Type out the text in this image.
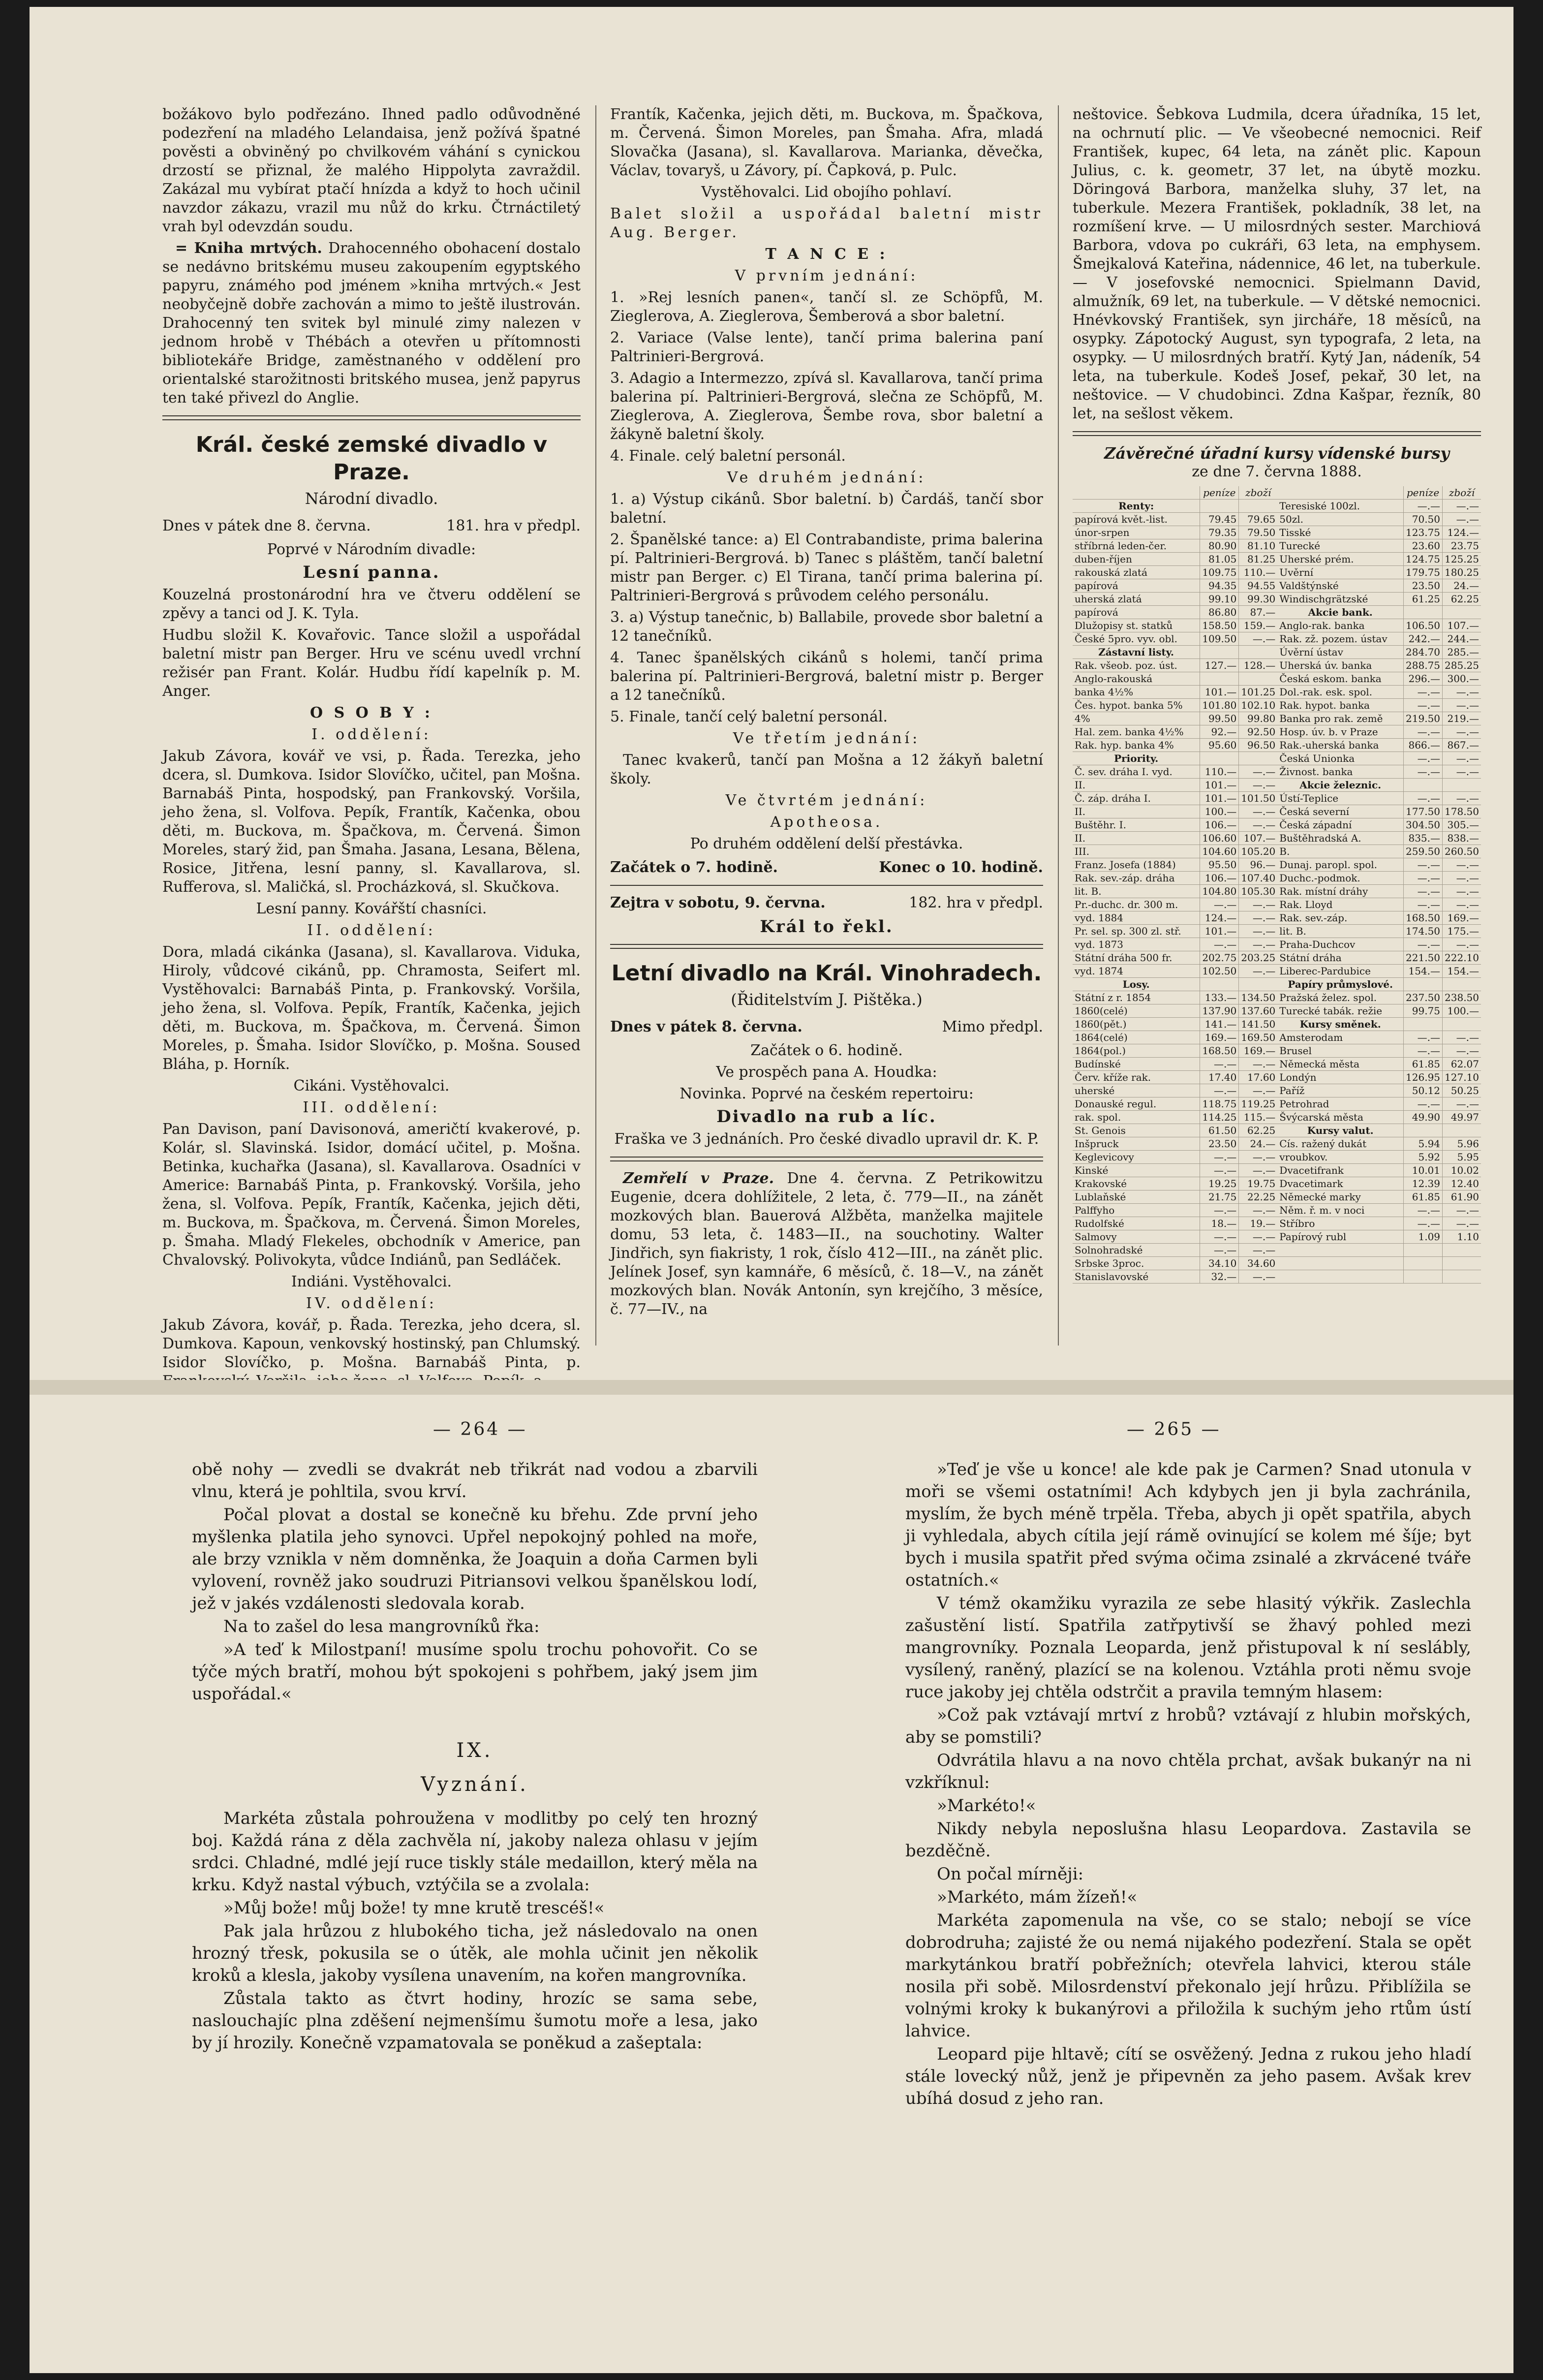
božákovo bylo podřezáno. Ihned padlo odůvodněné podezření na mladého Lelandaisa, jenž požívá špatné pověsti a obviněný po chvilkovém váhání s cynickou drzostí se přiznal, že malého Hippolyta zavraždil. Zakázal mu vybírat ptačí hnízda a když to hoch učinil navzdor zákazu, vrazil mu nůž do krku. Čtrnáctiletý vrah byl odevzdán soudu.

= Kniha mrtvých. Drahocenného obohacení dostalo se nedávno britskému museu zakoupením egyptského papyru, známého pod jménem »kniha mrtvých.« Jest neobyčejně dobře zachován a mimo to ještě ilustrován. Drahocenný ten svitek byl minulé zimy nalezen v jednom hrobě v Thébách a otevřen u přítomnosti bibliotekáře Bridge, zaměstnaného v oddělení pro orientalské starožitnosti britského musea, jenž papyrus ten také přivezl do Anglie.

Král. české zemské divadlo v Praze.
Národní divadlo.
Dnes v pátek dne 8. června.	181. hra v předpl.

Poprvé v Národním divadle:

Lesní panna.

Kouzelná prostonárodní hra ve čtveru oddělení se zpěvy a tanci od J. K. Tyla.

Hudbu složil K. Kovařovic. Tance složil a uspořádal baletní mistr pan Berger. Hru ve scénu uvedl vrchní režisér pan Frant. Kolár. Hudbu řídí kapelník p. M. Anger.

O S O B Y :

I. oddělení:

Jakub Závora, kovář ve vsi, p. Řada. Terezka, jeho dcera, sl. Dumkova. Isidor Slovíčko, učitel, pan Mošna. Barnabáš Pinta, hospodský, pan Frankovský. Voršila, jeho žena, sl. Volfova. Pepík, Frantík, Kačenka, obou děti, m. Buckova, m. Špačkova, m. Červená. Šimon Moreles, starý žid, pan Šmaha. Jasana, Lesana, Bělena, Rosice, Jitřena, lesní panny, sl. Kavallarova, sl. Rufferova, sl. Maličká, sl. Procházková, sl. Skučkova.

Lesní panny. Kovářští chasníci.

II. oddělení:

Dora, mladá cikánka (Jasana), sl. Kavallarova. Viduka, Hiroly, vůdcové cikánů, pp. Chramosta, Seifert ml. Vystěhovalci: Barnabáš Pinta, p. Frankovský. Voršila, jeho žena, sl. Volfova. Pepík, Frantík, Kačenka, jejich děti, m. Buckova, m. Špačkova, m. Červená. Šimon Moreles, p. Šmaha. Isidor Slovíčko, p. Mošna. Soused Bláha, p. Horník.

Cikáni. Vystěhovalci.

III. oddělení:

Pan Davison, paní Davisonová, američtí kvakerové, p. Kolár, sl. Slavinská. Isidor, domácí učitel, p. Mošna. Betinka, kuchařka (Jasana), sl. Kavallarova. Osadníci v Americe: Barnabáš Pinta, p. Frankovský. Voršila, jeho žena, sl. Volfova. Pepík, Frantík, Kačenka, jejich děti, m. Buckova, m. Špačkova, m. Červená. Šimon Moreles, p. Šmaha. Mladý Flekeles, obchodník v Americe, pan Chvalovský. Polivokyta, vůdce Indiánů, pan Sedláček.

Indiáni. Vystěhovalci.

IV. oddělení:

Jakub Závora, kovář, p. Řada. Terezka, jeho dcera, sl. Dumkova. Kapoun, venkovský hostinský, pan Chlumský. Isidor Slovíčko, p. Mošna. Barnabáš Pinta, p.

Frantík, Kačenka, jejich děti, m. Buckova, m. Špačkova, m. Červená. Šimon Moreles, pan Šmaha. Afra, mladá Slovačka (Jasana), sl. Kavallarova. Marianka, děvečka, Václav, tovaryš, u Závory, pí. Čapková, p. Pulc.

Vystěhovalci. Lid obojího pohlaví.

Balet složil a uspořádal baletní mistr Aug. Berger.

T A N C E :

V prvním jednání:

1. »Rej lesních panen«, tančí sl. ze Schöpfů, M. Zieglerova, A. Zieglerova, Šemberová a sbor baletní.

2. Variace (Valse lente), tančí prima balerina paní Paltrinieri-Bergrová.

3. Adagio a Intermezzo, zpívá sl. Kavallarova, tančí prima balerina pí. Paltrinieri-Bergrová, slečna ze Schöpfů, M. Zieglerova, A. Zieglerova, Šembe rova, sbor baletní a žákyně baletní školy.

4. Finale. celý baletní personál.

Ve druhém jednání:

1. a) Výstup cikánů. Sbor baletní. b) Čardáš, tančí sbor baletní.

2. Španělské tance: a) El Contrabandiste, prima balerina pí. Paltrinieri-Bergrová. b) Tanec s pláštěm, tančí baletní mistr pan Berger. c) El Tirana, tančí prima balerina pí. Paltrinieri-Bergrová s průvodem celého personálu.

3. a) Výstup tanečnic, b) Ballabile, provede sbor baletní a 12 tanečníků.

4. Tanec španělských cikánů s holemi, tančí prima balerina pí. Paltrinieri-Bergrová, baletní mistr p. Berger a 12 tanečníků.

5. Finale, tančí celý baletní personál.

Ve třetím jednání:

Tanec kvakerů, tančí pan Mošna a 12 žákyň baletní školy.

Ve čtvrtém jednání:

Apotheosa.

Po druhém oddělení delší přestávka.

Začátek o 7. hodině.	Konec o 10. hodině.
Zejtra v sobotu, 9. června.	182. hra v předpl.
Král to řekl.
Letní divadlo na Král. Vinohradech.
(Řiditelstvím J. Pištěka.)
Dnes v pátek 8. června.	Mimo předpl.

Začátek o 6. hodině.

Ve prospěch pana A. Houdka:

Novinka. Poprvé na českém repertoiru:

Divadlo na rub a líc.

Fraška ve 3 jednáních. Pro české divadlo upravil dr. K. P.

Zemřelí v Praze. Dne 4. června. Z Petrikowitzu Eugenie, dcera dohlížitele, 2 leta, č. 779—II., na zánět mozkových blan. Bauerová Alžběta, manželka majitele domu, 53 leta, č. 1483—II., na souchotiny. Walter Jindřich, syn fiakristy, 1 rok, číslo 412—III., na zánět plic. Jelínek Josef, syn kamnáře, 6 měsíců, č. 18—V., na zánět mozkových blan. Novák Antonín, syn krejčího, 3 měsíce, č. 77—IV., na

neštovice. Šebkova Ludmila, dcera úřadníka, 15 let, na ochrnutí plic. — Ve všeobecné nemocnici. Reif František, kupec, 64 leta, na zánět plic. Kapoun Julius, c. k. geometr, 37 let, na úbytě mozku. Döringová Barbora, manželka sluhy, 37 let, na tuberkule. Mezera František, pokladník, 38 let, na rozmíšení krve. — U milosrdných sester. Marchiová Barbora, vdova po cukráři, 63 leta, na emphysem. Šmejkalová Kateřina, nádennice, 46 let, na tuberkule. — V josefovské nemocnici. Spielmann David, almužník, 69 let, na tuberkule. — V dětské nemocnici. Hnévkovský František, syn jircháře, 18 měsíců, na osypky. Zápotocký August, syn typografa, 2 leta, na osypky. — U milosrdných bratří. Kytý Jan, nádeník, 54 leta, na tuberkule. Kodeš Josef, pekař, 30 let, na neštovice. — V chudobinci. Zdna Kašpar, řezník, 80 let, na sešlost věkem.

Závěrečné úřadní kursy vídenské bursy

ze dne 7. června 1888.

	peníze	zboží		peníze	zboží
Renty:			Teresiské 100zl.	—.—	—.—
papírová květ.-list.	79.45	79.65	50zl.	70.50	—.—
únor-srpen	79.35	79.50	Tisské	123.75	124.—
stříbrná leden-čer.	80.90	81.10	Turecké	23.60	23.75
duben-říjen	81.05	81.25	Uherské prém.	124.75	125.25
rakouská zlatá	109.75	110.—	Uvěrní	179.75	180.25
papírová	94.35	94.55	Valdštýnské	23.50	24.—
uherská zlatá	99.10	99.30	Windischgrätzské	61.25	62.25
papírová	86.80	87.—	Akcie bank.		
Dlužopisy st. statků	158.50	159.—	Anglo-rak. banka	106.50	107.—
České 5pro. vyv. obl.	109.50	—.—	Rak. zž. pozem. ústav	242.—	244.—
Zástavní listy.			Úvěrní ústav	284.70	285.—
Rak. všeob. poz. úst.	127.—	128.—	Uherská úv. banka	288.75	285.25
Anglo-rakouská			Česká eskom. banka	296.—	300.—
banka 4½%	101.—	101.25	Dol.-rak. esk. spol.	—.—	—.—
Čes. hypot. banka 5%	101.80	102.10	Rak. hypot. banka	—.—	—.—
4%	99.50	99.80	Banka pro rak. země	219.50	219.—
Hal. zem. banka 4½%	92.—	92.50	Hosp. úv. b. v Praze	—.—	—.—
Rak. hyp. banka 4%	95.60	96.50	Rak.-uherská banka	866.—	867.—
Priority.			Česká Unionka	—.—	—.—
Č. sev. dráha I. vyd.	110.—	—.—	Živnost. banka	—.—	—.—
II.	101.—	—.—	Akcie železnic.		
Č. záp. dráha I.	101.—	101.50	Ústí-Teplice	—.—	—.—
II.	100.—	—.—	Česká severní	177.50	178.50
Buštěhr. I.	106.—	—.—	Česká západní	304.50	305.—
II.	106.60	107.—	Buštěhradská A.	835.—	838.—
III.	104.60	105.20	B.	259.50	260.50
Franz. Josefa (1884)	95.50	96.—	Dunaj. paropl. spol.	—.—	—.—
Rak. sev.-záp. dráha	106.—	107.40	Duchc.-podmok.	—.—	—.—
lit. B.	104.80	105.30	Rak. místní dráhy	—.—	—.—
Pr.-duchc. dr. 300 m.	—.—	—.—	Rak. Lloyd	—.—	—.—
vyd. 1884	124.—	—.—	Rak. sev.-záp.	168.50	169.—
Pr. sel. sp. 300 zl. stř.	101.—	—.—	lit. B.	174.50	175.—
vyd. 1873	—.—	—.—	Praha-Duchcov	—.—	—.—
Státní dráha 500 fr.	202.75	203.25	Státní dráha	221.50	222.10
vyd. 1874	102.50	—.—	Liberec-Pardubice	154.—	154.—
Losy.			Papíry průmyslové.		
Státní z r. 1854	133.—	134.50	Pražská želez. spol.	237.50	238.50
1860(celé)	137.90	137.60	Turecké tabák. režie	99.75	100.—
1860(pět.)	141.—	141.50	Kursy směnek.		
1864(celé)	169.—	169.50	Amsterodam	—.—	—.—
1864(pol.)	168.50	169.—	Brusel	—.—	—.—
Budínské	—.—	—.—	Německá města	61.85	62.07
Červ. kříže rak.	17.40	17.60	Londýn	126.95	127.10
uherské	—.—	—.—	Paříž	50.12	50.25
Donauské regul.	118.75	119.25	Petrohrad	—.—	—.—
rak. spol.	114.25	115.—	Švýcarská města	49.90	49.97
St. Genois	61.50	62.25	Kursy valut.		
Inšpruck	23.50	24.—	Cís. ražený dukát	5.94	5.96
Keglevicovy	—.—	—.—	vroubkov.	5.92	5.95
Kinské	—.—	—.—	Dvacetifrank	10.01	10.02
Krakovské	19.25	19.75	Dvacetimark	12.39	12.40
Lublaňské	21.75	22.25	Německé marky	61.85	61.90
Palffyho	—.—	—.—	Něm. ř. m. v noci	—.—	—.—
Rudolfské	18.—	19.—	Stříbro	—.—	—.—
Salmovy	—.—	—.—	Papírový rubl	1.09	1.10
Solnohradské	—.—	—.—			
Srbske 3proc.	34.10	34.60			
Stanislavovské	32.—	—.—			
— 264 —	— 265 —

obě nohy — zvedli se dvakrát neb třikrát nad vodou a zbarvili vlnu, která je pohltila, svou krví.

Počal plovat a dostal se konečně ku břehu. Zde první jeho myšlenka platila jeho synovci. Upřel nepokojný pohled na moře, ale brzy vznikla v něm domněnka, že Joaquin a doňa Carmen byli vylovení, rovněž jako soudruzi Pitriansovi velkou španělskou lodí, jež v jakés vzdálenosti sledovala korab.

Na to zašel do lesa mangrovníků řka:

»A teď k Milostpaní! musíme spolu trochu pohovořit. Co se týče mých bratří, mohou být spokojeni s pohřbem, jaký jsem jim uspořádal.«

IX.

Vyznání.

Markéta zůstala pohroužena v modlitby po celý ten hrozný boj. Každá rána z děla zachvěla ní, jakoby naleza ohlasu v jejím srdci. Chladné, mdlé její ruce tiskly stále medaillon, který měla na krku. Když nastal výbuch, vztýčila se a zvolala:

»Můj bože! můj bože! ty mne krutě trescéš!«

Pak jala hrůzou z hlubokého ticha, jež následovalo na onen hrozný třesk, pokusila se o útěk, ale mohla učinit jen několik kroků a klesla, jakoby vysílena unavením, na kořen mangrovníka.

Zůstala takto as čtvrt hodiny, hrozíc se sama sebe, naslouchajíc plna zděšení nejmenšímu šumotu moře a lesa, jako by jí hrozily. Konečně vzpamatovala se poněkud a zašeptala:

»Teď je vše u konce! ale kde pak je Carmen? Snad utonula v moři se všemi ostatními! Ach kdybych jen ji byla zachránila, myslím, že bych méně trpěla. Třeba, abych ji opět spatřila, abych ji vyhledala, abych cítila její rámě ovinující se kolem mé šíje; byt bych i musila spatřit před svýma očima zsinalé a zkrvácené tváře ostatních.«

V témž okamžiku vyrazila ze sebe hlasitý výkřik. Zaslechla zašustění listí. Spatřila zatřpytivší se žhavý pohled mezi mangrovníky. Poznala Leoparda, jenž přistupoval k ní seslábly, vysílený, raněný, plazící se na kolenou. Vztáhla proti němu svoje ruce jakoby jej chtěla odstrčit a pravila temným hlasem:

»Což pak vztávají mrtví z hrobů? vztávají z hlubin mořských, aby se pomstili?

Odvrátila hlavu a na novo chtěla prchat, avšak bukanýr na ni vzkříknul:

»Markéto!«

Nikdy nebyla neposlušna hlasu Leopardova. Zastavila se bezděčně.

On počal mírněji:

»Markéto, mám žízeň!«

Markéta zapomenula na vše, co se stalo; nebojí se více dobrodruha; zajisté že ou nemá nijakého podezření. Stala se opět markytánkou bratří pobřežních; otevřela lahvici, kterou stále nosila při sobě. Milosrdenství překonalo její hrůzu. Přiblížila se volnými kroky k bukanýrovi a přiložila k suchým jeho rtům ústí lahvice.

Leopard pije hltavě; cítí se osvěžený. Jedna z rukou jeho hladí stále lovecký nůž, jenž je připevněn za jeho pasem. Avšak krev ubíhá dosud z jeho ran.
